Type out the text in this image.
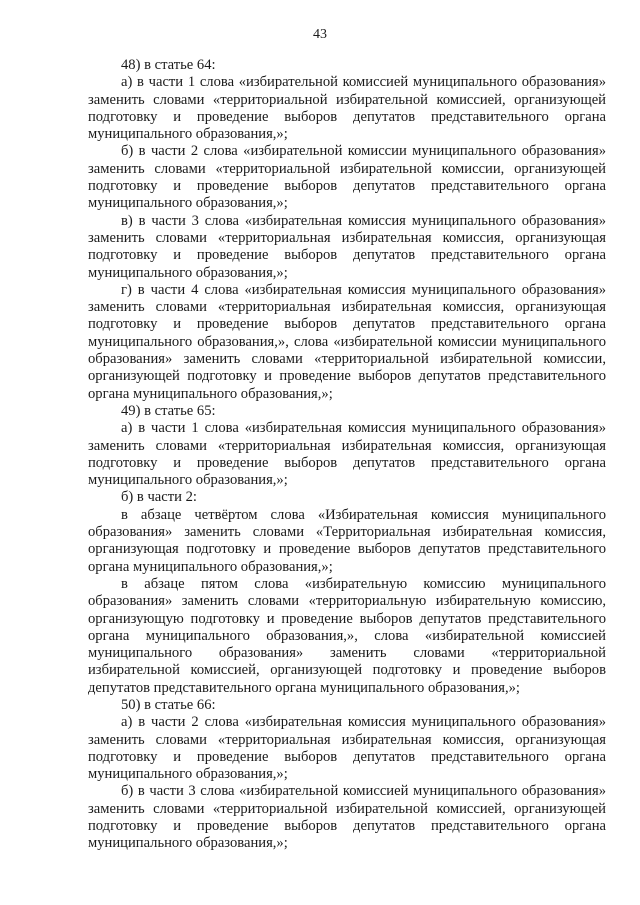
43

48) в статье 64:

а) в части 1 слова «избирательной комиссией муниципального образования» заменить словами «территориальной избирательной комиссией, организующей подготовку и проведение выборов депутатов представительного органа муниципального образования,»;

б) в части 2 слова «избирательной комиссии муниципального образования» заменить словами «территориальной избирательной комиссии, организующей подготовку и проведение выборов депутатов представительного органа муниципального образования,»;

в) в части 3 слова «избирательная комиссия муниципального образования» заменить словами «территориальная избирательная комиссия, организующая подготовку и проведение выборов депутатов представительного органа муниципального образования,»;

г) в части 4 слова «избирательная комиссия муниципального образования» заменить словами «территориальная избирательная комиссия, организующая подготовку и проведение выборов депутатов представительного органа муниципального образования,», слова «избирательной комиссии муниципального образования» заменить словами «территориальной избирательной комиссии, организующей подготовку и проведение выборов депутатов представительного органа муниципального образования,»;

49) в статье 65:

а) в части 1 слова «избирательная комиссия муниципального образования» заменить словами «территориальная избирательная комиссия, организующая подготовку и проведение выборов депутатов представительного органа муниципального образования,»;

б) в части 2:

в абзаце четвёртом слова «Избирательная комиссия муниципального образования» заменить словами «Территориальная избирательная комиссия, организующая подготовку и проведение выборов депутатов представительного органа муниципального образования,»;

в абзаце пятом слова «избирательную комиссию муниципального образования» заменить словами «территориальную избирательную комиссию, организующую подготовку и проведение выборов депутатов представительного органа муниципального образования,», слова «избирательной комиссией муниципального образования» заменить словами «территориальной избирательной комиссией, организующей подготовку и проведение выборов депутатов представительного органа муниципального образования,»;

50) в статье 66:

а) в части 2 слова «избирательная комиссия муниципального образования» заменить словами «территориальная избирательная комиссия, организующая подготовку и проведение выборов депутатов представительного органа муниципального образования,»;

б) в части 3 слова «избирательной комиссией муниципального образования» заменить словами «территориальной избирательной комиссией, организующей подготовку и проведение выборов депутатов представительного органа муниципального образования,»;
